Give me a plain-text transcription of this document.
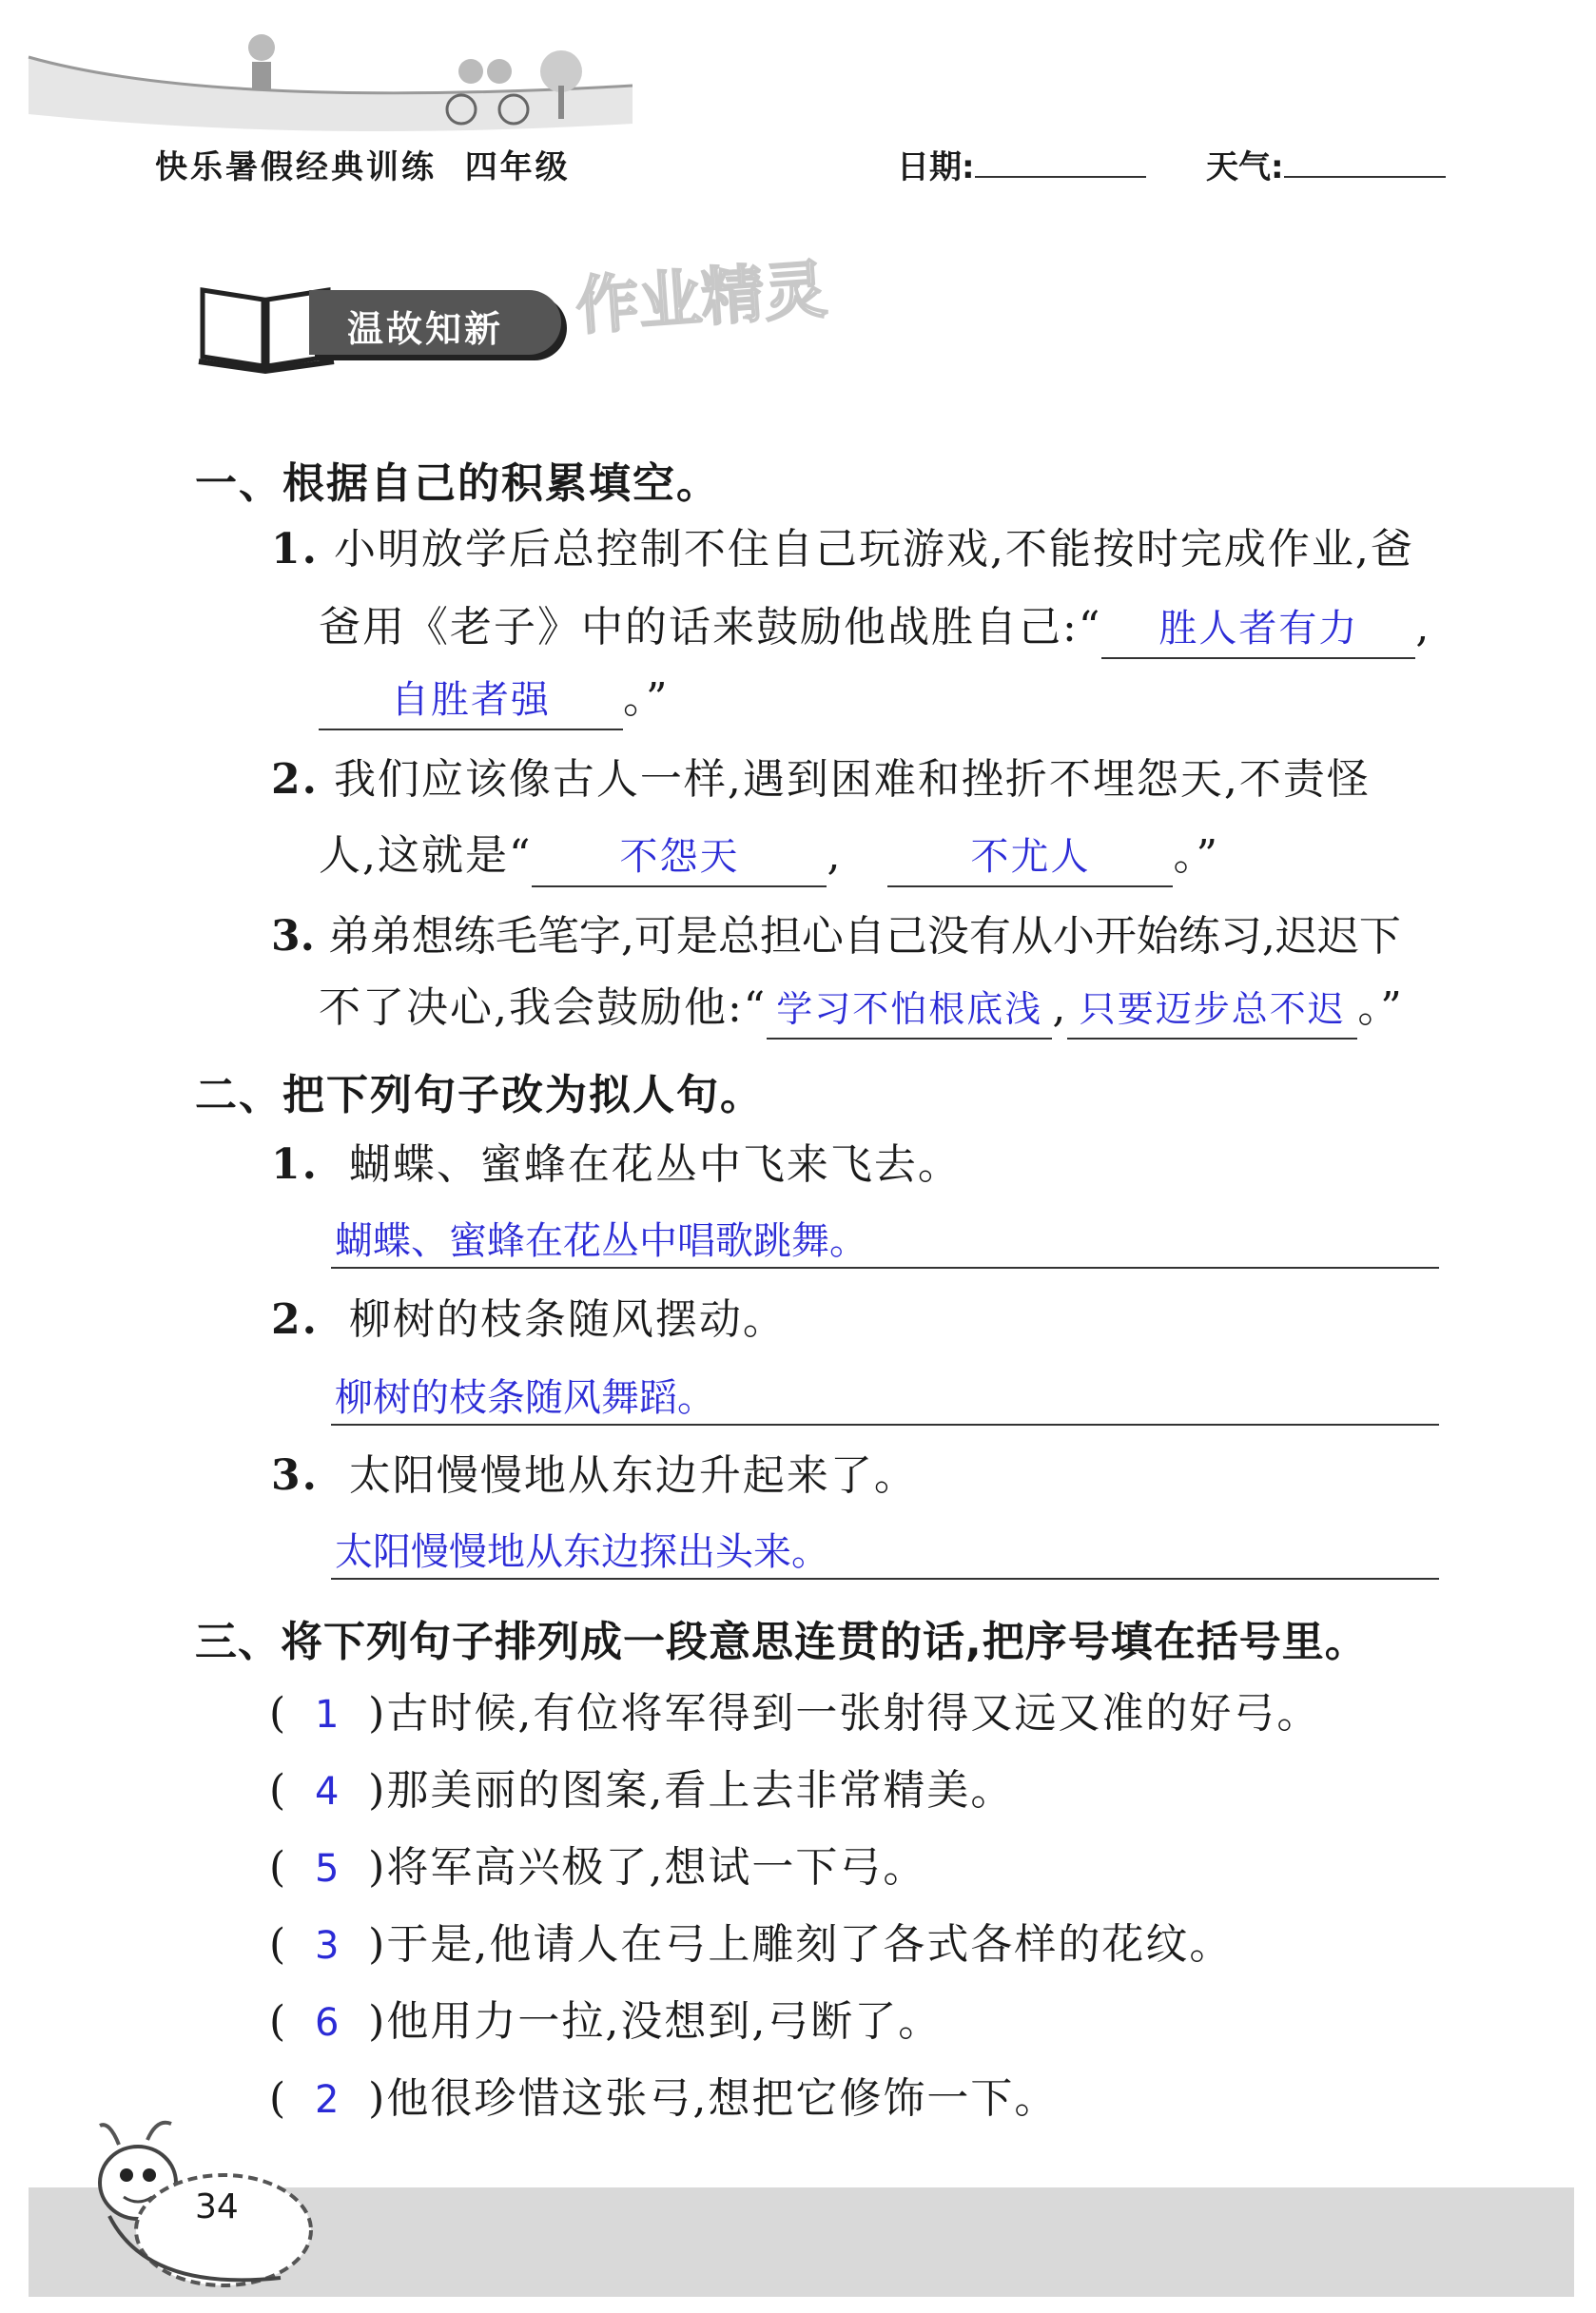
快乐暑假经典训练 四年级	日期:	天气:
温故知新 作业精灵
一、根据自己的积累填空。
1. 小明放学后总控制不住自己玩游戏,不能按时完成作业,爸
爸用《老子》中的话来鼓励他战胜自己:“ 胜人者有力 ,
自胜者强 。”
2. 我们应该像古人一样,遇到困难和挫折不埋怨天,不责怪
人,这就是“ 不怨天 ,	不尤人 。”
3. 弟弟想练毛笔字,可是总担心自己没有从小开始练习,迟迟下
不了决心,我会鼓励他:“ 学习不怕根底浅 , 只要迈步总不迟 。”
二、把下列句子改为拟人句。
1. 蝴蝶、蜜蜂在花丛中飞来飞去。
蝴蝶、蜜蜂在花丛中唱歌跳舞。
2. 柳树的枝条随风摆动。
柳树的枝条随风舞蹈。
3. 太阳慢慢地从东边升起来了。
太阳慢慢地从东边探出头来。
三、将下列句子排列成一段意思连贯的话,把序号填在括号里。
( 1 )古时候,有位将军得到一张射得又远又准的好弓。
( 4 )那美丽的图案,看上去非常精美。
( 5 )将军高兴极了,想试一下弓。
( 3 )于是,他请人在弓上雕刻了各式各样的花纹。
( 6 )他用力一拉,没想到,弓断了。
( 2 )他很珍惜这张弓,想把它修饰一下。
34
